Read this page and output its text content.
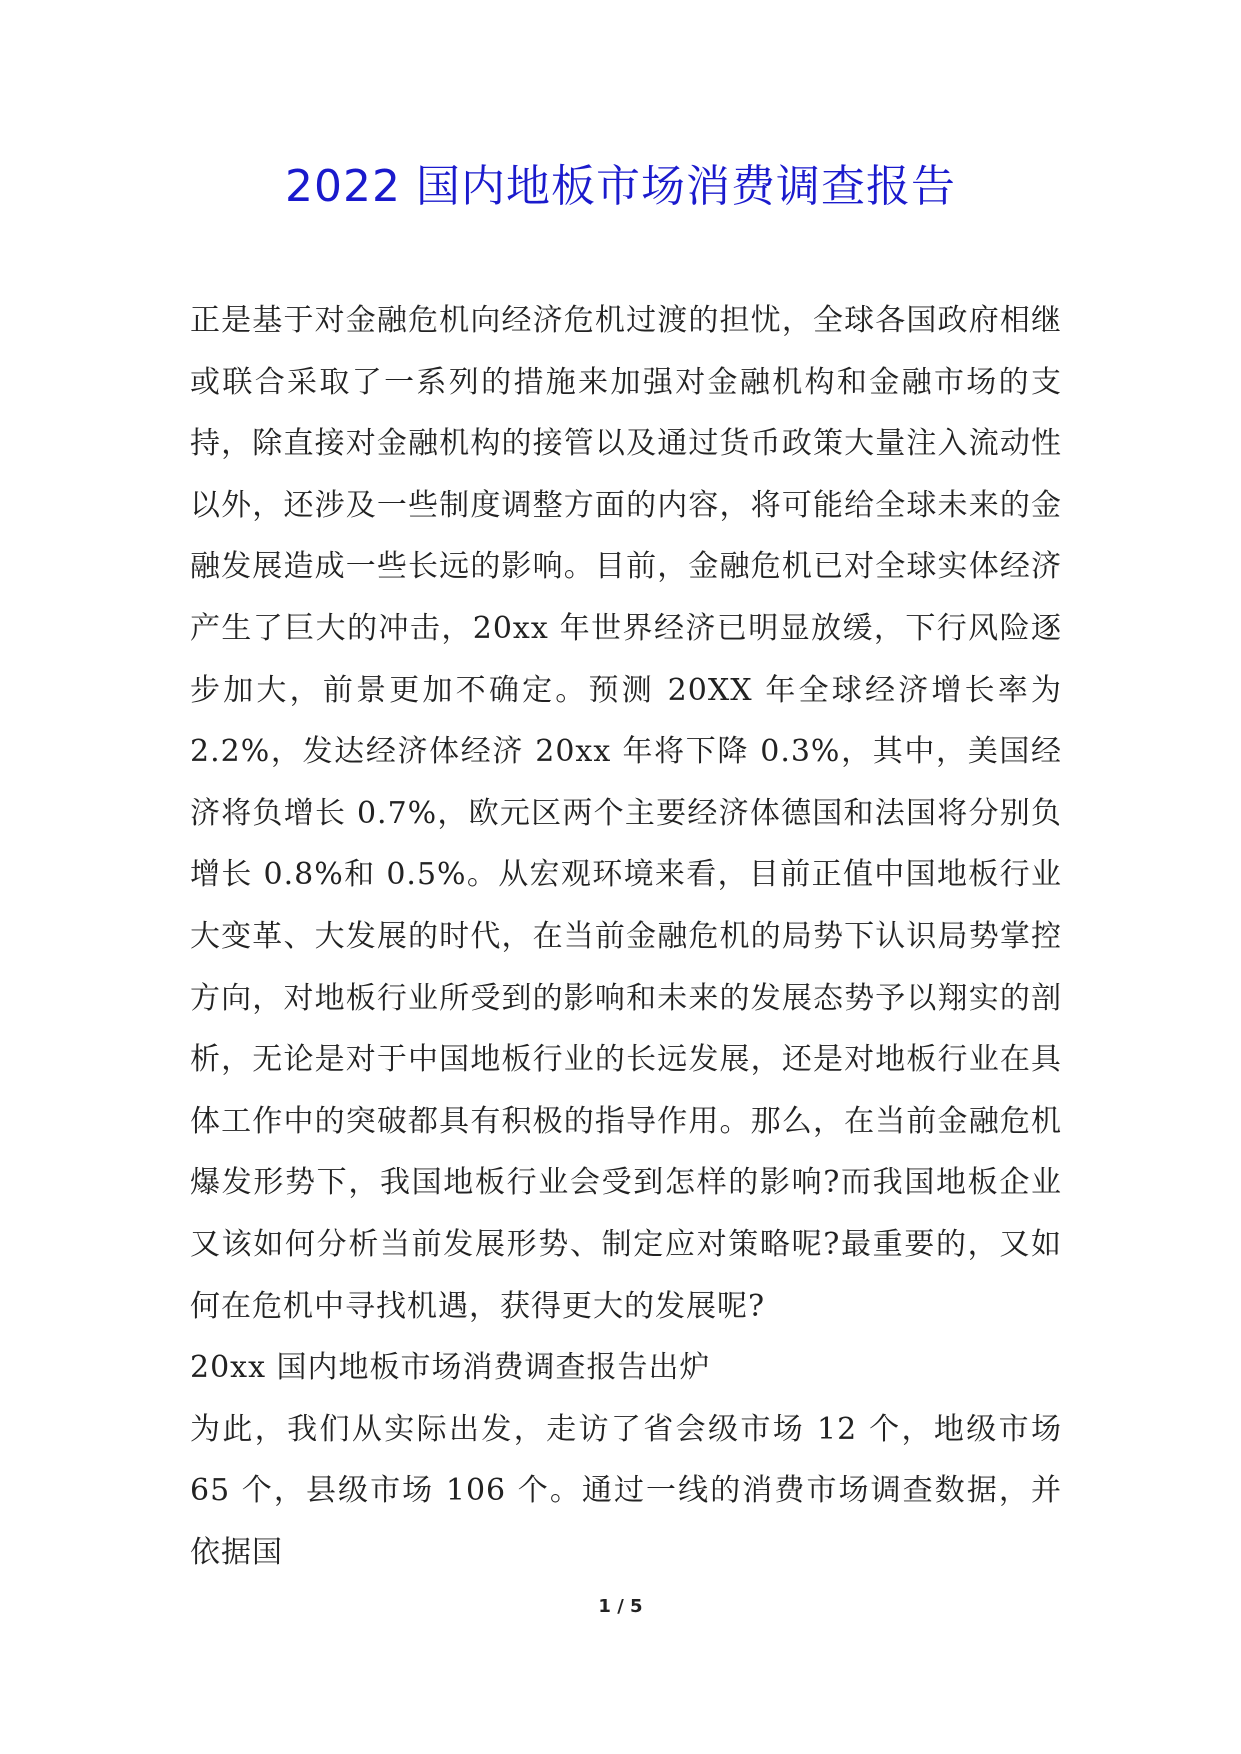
2022 国内地板市场消费调查报告

正是基于对金融危机向经济危机过渡的担忧，全球各国政府相继或联合采取了一系列的措施来加强对金融机构和金融市场的支持，除直接对金融机构的接管以及通过货币政策大量注入流动性以外，还涉及一些制度调整方面的内容，将可能给全球未来的金融发展造成一些长远的影响。目前，金融危机已对全球实体经济产生了巨大的冲击，20xx 年世界经济已明显放缓，下行风险逐步加大，前景更加不确定。预测 20XX 年全球经济增长率为 2.2%，发达经济体经济 20xx 年将下降 0.3%，其中，美国经济将负增长 0.7%，欧元区两个主要经济体德国和法国将分别负增长 0.8%和 0.5%。从宏观环境来看，目前正值中国地板行业大变革、大发展的时代，在当前金融危机的局势下认识局势掌控方向，对地板行业所受到的影响和未来的发展态势予以翔实的剖析，无论是对于中国地板行业的长远发展，还是对地板行业在具体工作中的突破都具有积极的指导作用。那么，在当前金融危机爆发形势下，我国地板行业会受到怎样的影响?而我国地板企业又该如何分析当前发展形势、制定应对策略呢?最重要的，又如何在危机中寻找机遇，获得更大的发展呢?

20xx 国内地板市场消费调查报告出炉

为此，我们从实际出发，走访了省会级市场 12 个，地级市场 65 个，县级市场 106 个。通过一线的消费市场调查数据，并依据国

1 / 5
